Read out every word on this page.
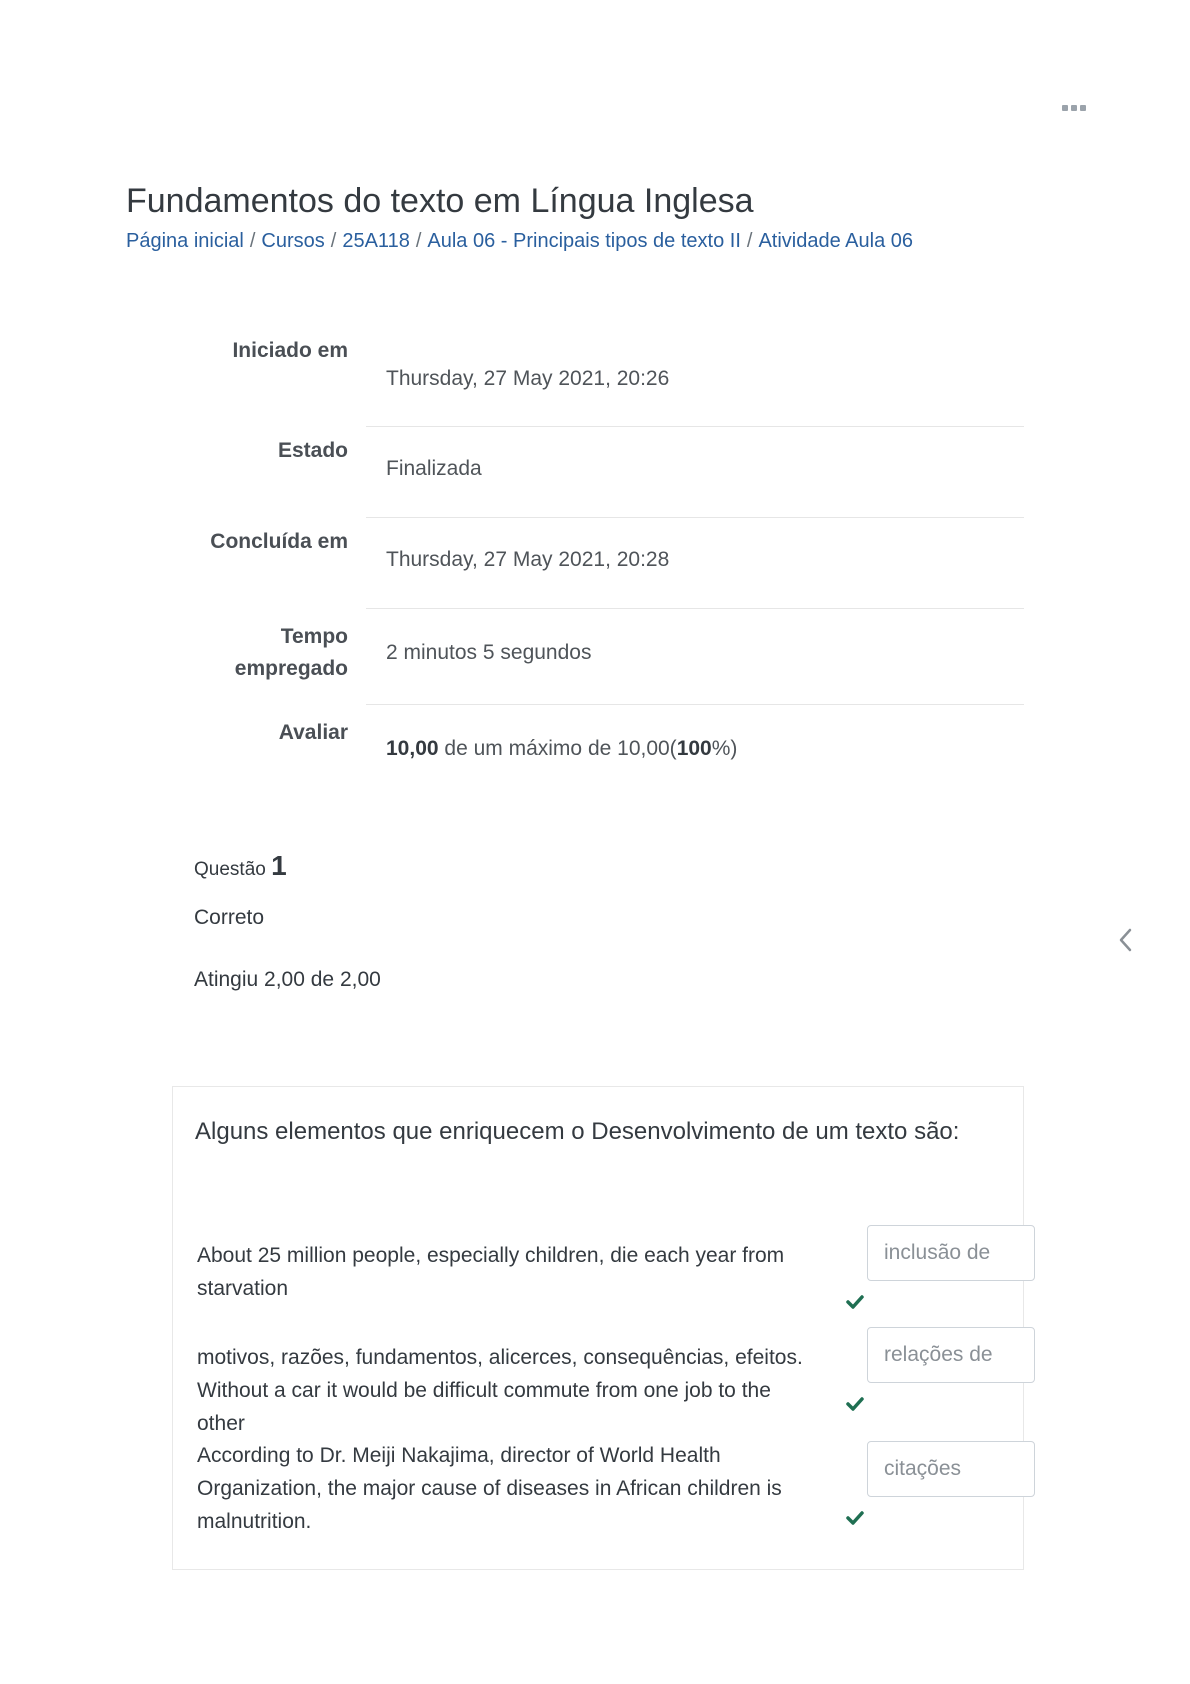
Fundamentos do texto em Língua Inglesa
Página inicial / Cursos / 25A118 / Aula 06 - Principais tipos de texto II / Atividade Aula 06
Iniciado em
Thursday, 27 May 2021, 20:26
Estado
Finalizada
Concluída em
Thursday, 27 May 2021, 20:28
Tempo
empregado
2 minutos 5 segundos
Avaliar
10,00 de um máximo de 10,00(100%)
Questão 1
Correto
Atingiu 2,00 de 2,00
Alguns elementos que enriquecem o Desenvolvimento de um texto são:
About 25 million people, especially children, die each year from starvation
inclusão de
motivos, razões, fundamentos, alicerces, consequências, efeitos. Without a car it would be difficult commute from one job to the other
relações de
According to Dr. Meiji Nakajima, director of World Health Organization, the major cause of diseases in African children is malnutrition.
citações
